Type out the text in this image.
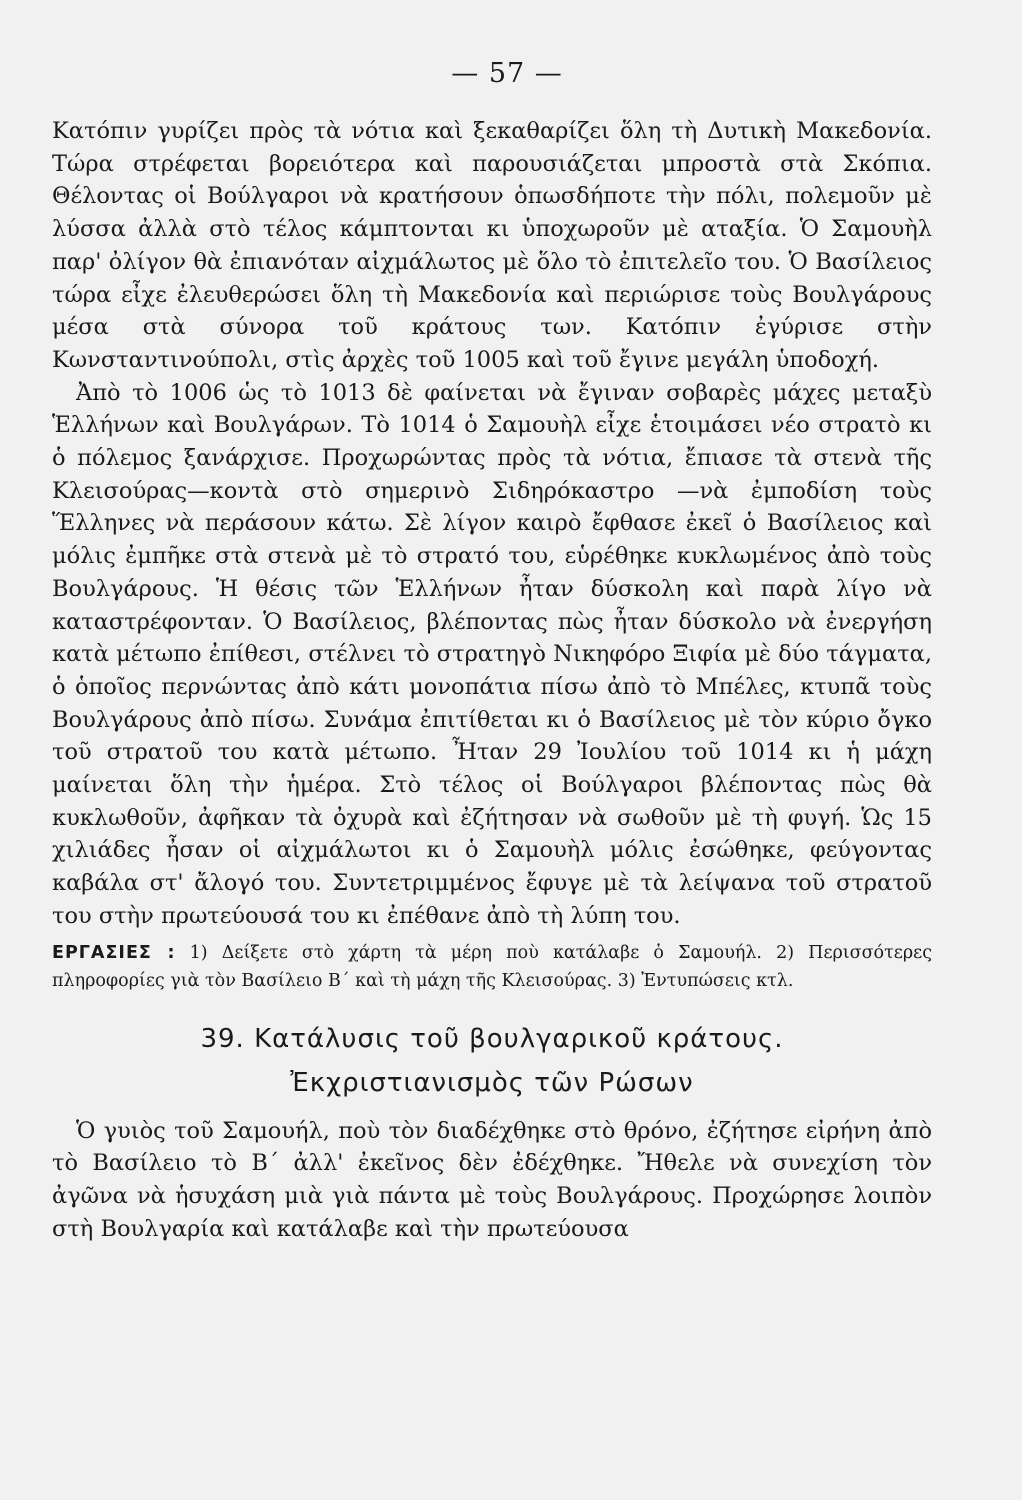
— 57 —

Κατόπιν γυρίζει πρὸς τὰ νότια καὶ ξεκαθαρίζει ὅλη τὴ Δυτικὴ Μακεδονία. Τώρα στρέφεται βορειότερα καὶ παρουσιάζεται μπροστὰ στὰ Σκόπια. Θέλοντας οἱ Βούλγαροι νὰ κρατήσουν ὁπωσδήποτε τὴν πόλι, πολεμοῦν μὲ λύσσα ἀλλὰ στὸ τέλος κάμπτονται κι ὑποχωροῦν μὲ αταξία. Ὁ Σαμουὴλ παρ' ὀλίγον θὰ ἐπιανόταν αἰχμάλωτος μὲ ὅλο τὸ ἐπιτελεῖο του. Ὁ Βασίλειος τώρα εἶχε ἐλευθερώσει ὅλη τὴ Μακεδονία καὶ περιώρισε τοὺς Βουλγάρους μέσα στὰ σύνορα τοῦ κράτους των. Κατόπιν ἐγύρισε στὴν Κωνσταντινούπολι, στὶς ἀρχὲς τοῦ 1005 καὶ τοῦ ἔγινε μεγάλη ὑποδοχή.

Ἀπὸ τὸ 1006 ὡς τὸ 1013 δὲ φαίνεται νὰ ἔγιναν σοβαρὲς μάχες μεταξὺ Ἑλλήνων καὶ Βουλγάρων. Τὸ 1014 ὁ Σαμουὴλ εἶχε ἑτοιμάσει νέο στρατὸ κι ὁ πόλεμος ξανάρχισε. Προχωρώντας πρὸς τὰ νότια, ἔπιασε τὰ στενὰ τῆς Κλεισούρας—κοντὰ στὸ σημερινὸ Σιδηρόκαστρο —νὰ ἐμποδίση τοὺς Ἕλληνες νὰ περάσουν κάτω. Σὲ λίγον καιρὸ ἔφθασε ἐκεῖ ὁ Βασίλειος καὶ μόλις ἐμπῆκε στὰ στενὰ μὲ τὸ στρατό του, εὑρέθηκε κυκλωμένος ἀπὸ τοὺς Βουλγάρους. Ἡ θέσις τῶν Ἑλλήνων ἦταν δύσκολη καὶ παρὰ λίγο νὰ καταστρέφονταν. Ὁ Βασίλειος, βλέποντας πὼς ἦταν δύσκολο νὰ ἐνεργήση κατὰ μέτωπο ἐπίθεσι, στέλνει τὸ στρατηγὸ Νικηφόρο Ξιφία μὲ δύο τάγματα, ὁ ὁποῖος περνώντας ἀπὸ κάτι μονοπάτια πίσω ἀπὸ τὸ Μπέλες, κτυπᾶ τοὺς Βουλγάρους ἀπὸ πίσω. Συνάμα ἐπιτίθεται κι ὁ Βασίλειος μὲ τὸν κύριο ὄγκο τοῦ στρατοῦ του κατὰ μέτωπο. Ἦταν 29 Ἰουλίου τοῦ 1014 κι ἡ μάχη μαίνεται ὅλη τὴν ἡμέρα. Στὸ τέλος οἱ Βούλγαροι βλέποντας πὼς θὰ κυκλωθοῦν, ἀφῆκαν τὰ ὀχυρὰ καὶ ἐζήτησαν νὰ σωθοῦν μὲ τὴ φυγή. Ὡς 15 χιλιάδες ἦσαν οἱ αἰχμάλωτοι κι ὁ Σαμουὴλ μόλις ἐσώθηκε, φεύγοντας καβάλα στ' ἄλογό του. Συντετριμμένος ἔφυγε μὲ τὰ λείψανα τοῦ στρατοῦ του στὴν πρωτεύουσά του κι ἐπέθανε ἀπὸ τὴ λύπη του.

ΕΡΓΑΣΙΕΣ : 1) Δείξετε στὸ χάρτη τὰ μέρη ποὺ κατάλαβε ὁ Σαμουήλ. 2) Περισσότερες πληροφορίες γιὰ τὸν Βασίλειο Β΄ καὶ τὴ μάχη τῆς Κλεισούρας. 3) Ἐντυπώσεις κτλ.

39. Κατάλυσις τοῦ βουλγαρικοῦ κράτους.
Ἐκχριστιανισμὸς τῶν Ρώσων

Ὁ γυιὸς τοῦ Σαμουήλ, ποὺ τὸν διαδέχθηκε στὸ θρόνο, ἐζήτησε εἰρήνη ἀπὸ τὸ Βασίλειο τὸ Β΄ ἀλλ' ἐκεῖνος δὲν ἐδέχθηκε. Ἤθελε νὰ συνεχίση τὸν ἀγῶνα νὰ ἡσυχάση μιὰ γιὰ πάντα μὲ τοὺς Βουλγάρους. Προχώρησε λοιπὸν στὴ Βουλγαρία καὶ κατάλαβε καὶ τὴν πρωτεύουσα
